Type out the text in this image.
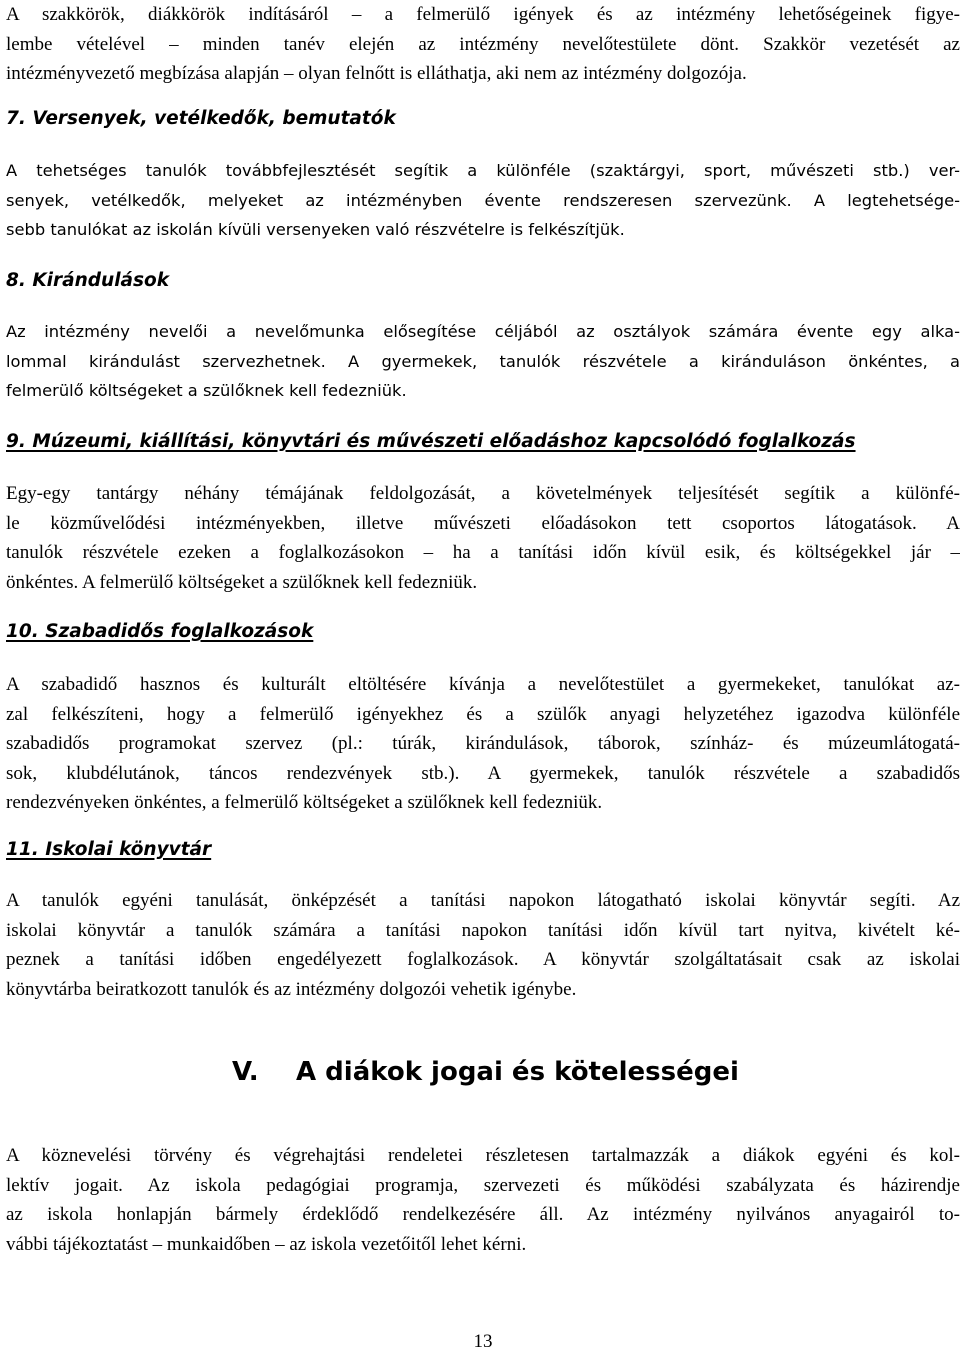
A szakkörök, diákkörök indításáról – a felmerülő igények és az intézmény lehetőségeinek figye-
lembe vételével – minden tanév elején az intézmény nevelőtestülete dönt. Szakkör vezetését az
intézményvezető megbízása alapján – olyan felnőtt is elláthatja, aki nem az intézmény dolgozója.
7. Versenyek, vetélkedők, bemutatók
A tehetséges tanulók továbbfejlesztését segítik a különféle (szaktárgyi, sport, művészeti stb.) ver-
senyek, vetélkedők, melyeket az intézményben évente rendszeresen szervezünk. A legtehetsége-
sebb tanulókat az iskolán kívüli versenyeken való részvételre is felkészítjük.
8. Kirándulások
Az intézmény nevelői a nevelőmunka elősegítése céljából az osztályok számára évente egy alka-
lommal kirándulást szervezhetnek. A gyermekek, tanulók részvétele a kiránduláson önkéntes, a
felmerülő költségeket a szülőknek kell fedezniük.
9. Múzeumi, kiállítási, könyvtári és művészeti előadáshoz kapcsolódó foglalkozás
Egy-egy tantárgy néhány témájának feldolgozását, a követelmények teljesítését segítik a különfé-
le közművelődési intézményekben, illetve művészeti előadásokon tett csoportos látogatások. A
tanulók részvétele ezeken a foglalkozásokon – ha a tanítási időn kívül esik, és költségekkel jár –
önkéntes. A felmerülő költségeket a szülőknek kell fedezniük.
10. Szabadidős foglalkozások
A szabadidő hasznos és kulturált eltöltésére kívánja a nevelőtestület a gyermekeket, tanulókat az-
zal felkészíteni, hogy a felmerülő igényekhez és a szülők anyagi helyzetéhez igazodva különféle
szabadidős programokat szervez (pl.: túrák, kirándulások, táborok, színház- és múzeumlátogatá-
sok, klubdélutánok, táncos rendezvények stb.). A gyermekek, tanulók részvétele a szabadidős
rendezvényeken önkéntes, a felmerülő költségeket a szülőknek kell fedezniük.
11. Iskolai könyvtár
A tanulók egyéni tanulását, önképzését a tanítási napokon látogatható iskolai könyvtár segíti. Az
iskolai könyvtár a tanulók számára a tanítási napokon tanítási időn kívül tart nyitva, kivételt ké-
peznek a tanítási időben engedélyezett foglalkozások. A könyvtár szolgáltatásait csak az iskolai
könyvtárba beiratkozott tanulók és az intézmény dolgozói vehetik igénybe.
V. A diákok jogai és kötelességei
A köznevelési törvény és végrehajtási rendeletei részletesen tartalmazzák a diákok egyéni és kol-
lektív jogait. Az iskola pedagógiai programja, szervezeti és működési szabályzata és házirendje
az iskola honlapján bármely érdeklődő rendelkezésére áll. Az intézmény nyilvános anyagairól to-
vábbi tájékoztatást – munkaidőben – az iskola vezetőitől lehet kérni.
13
